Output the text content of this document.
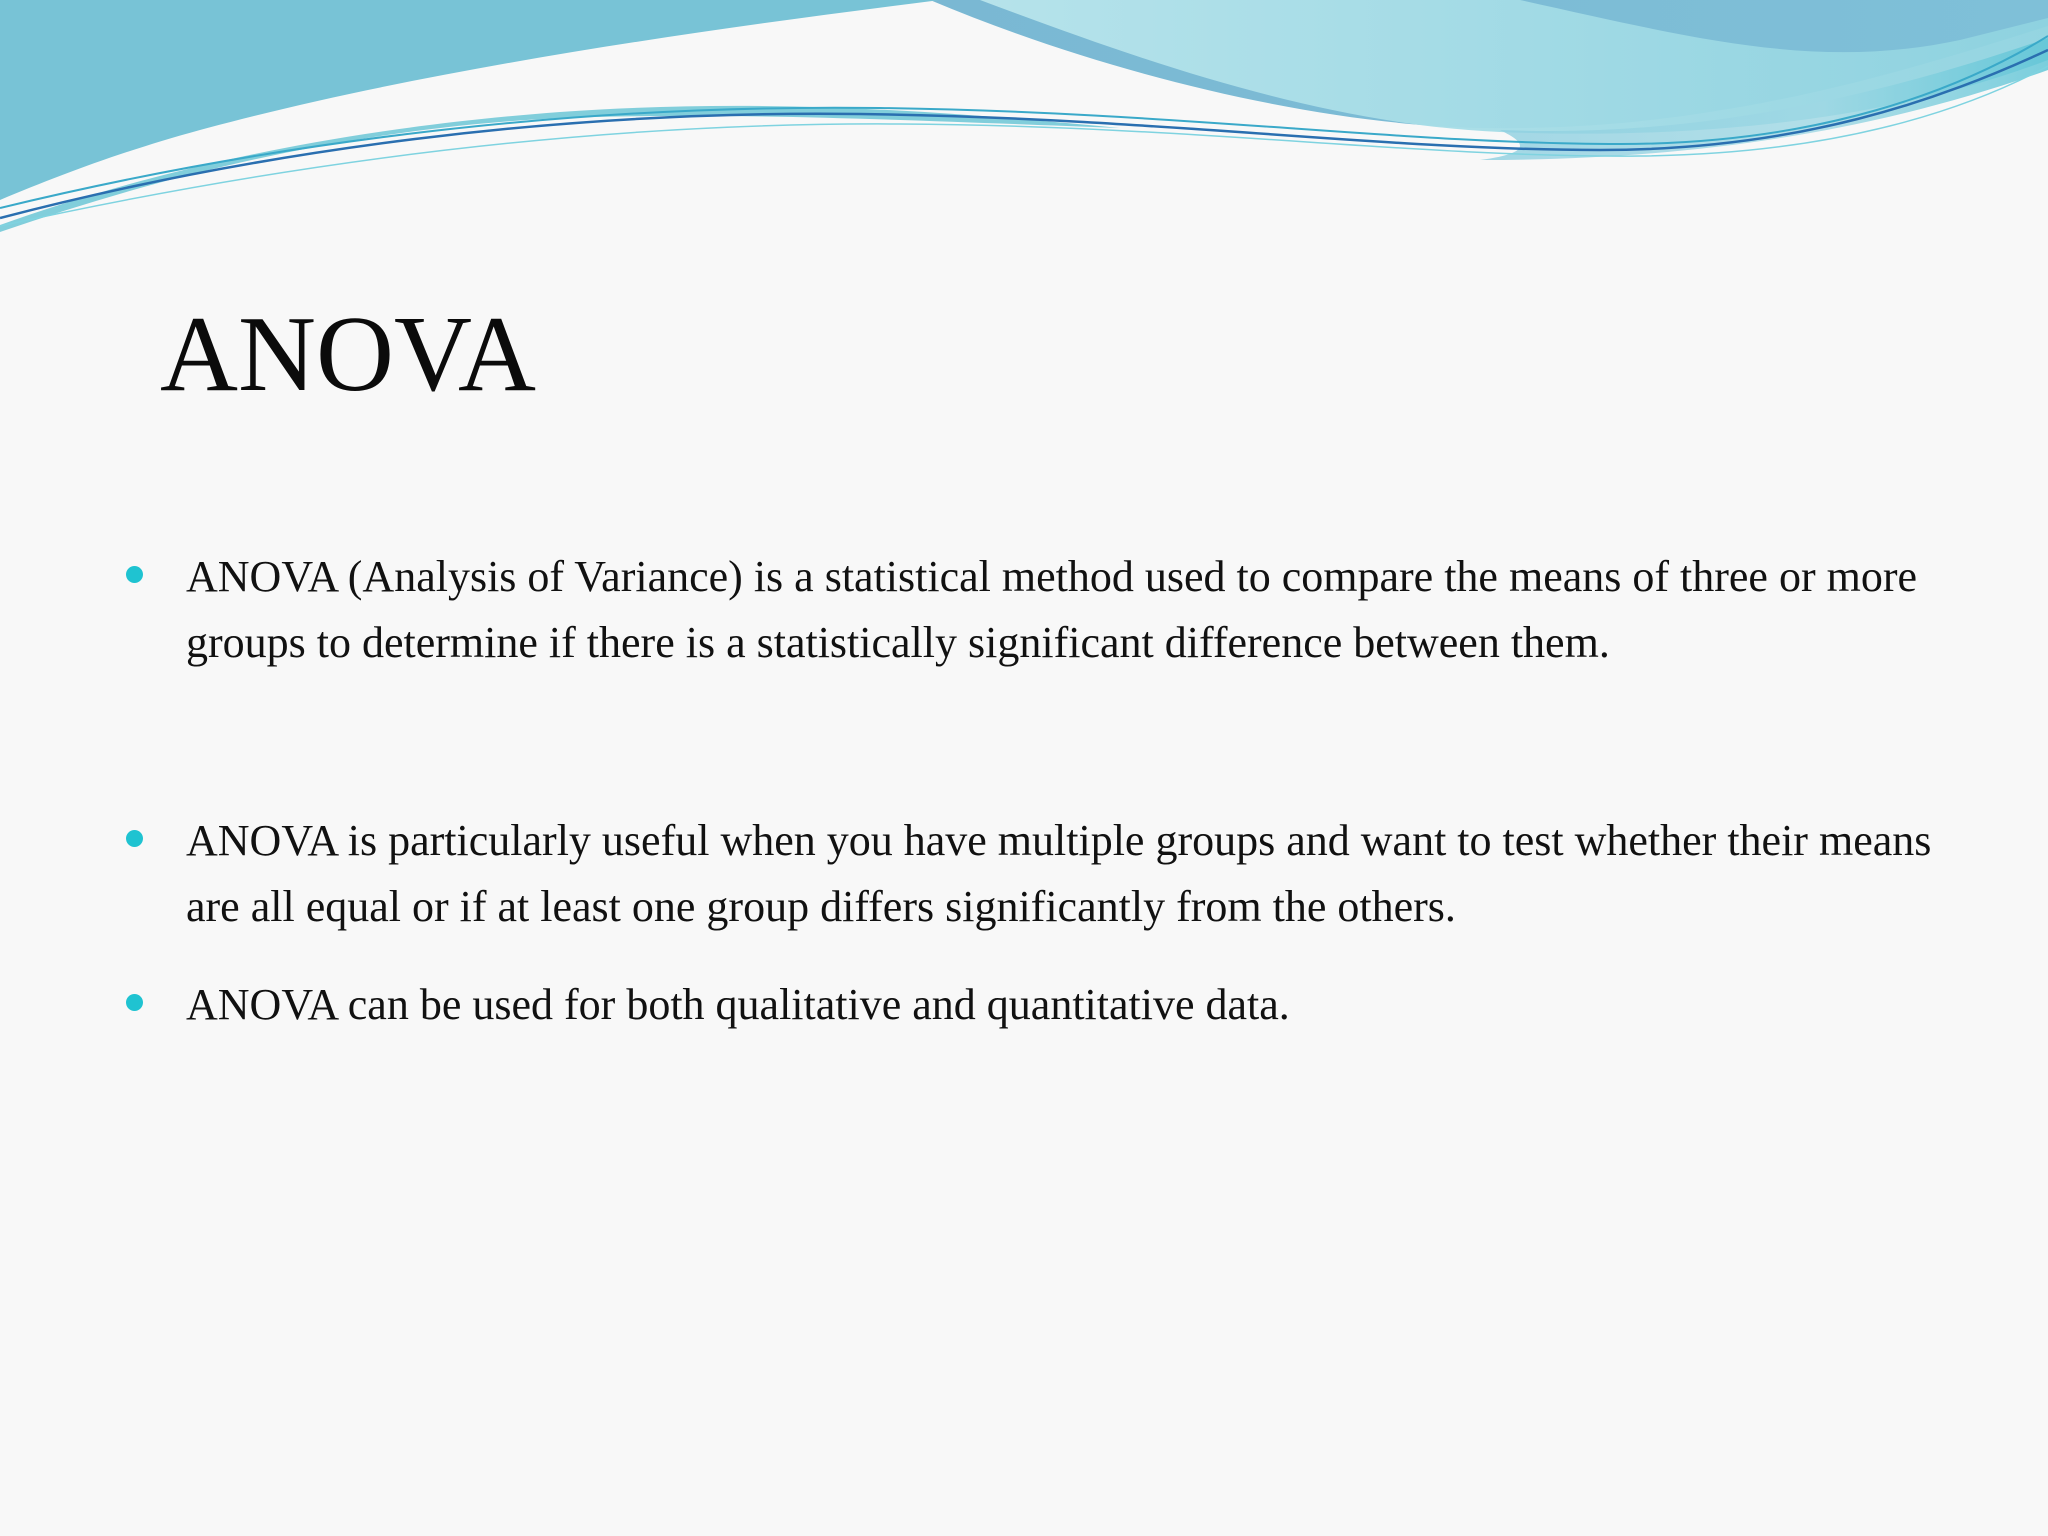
ANOVA
ANOVA (Analysis of Variance) is a statistical method used to compare the means of three or more groups to determine if there is a statistically significant difference between them.
ANOVA is particularly useful when you have multiple groups and want to test whether their means are all equal or if at least one group differs significantly from the others.
ANOVA can be used for both qualitative and quantitative data.
